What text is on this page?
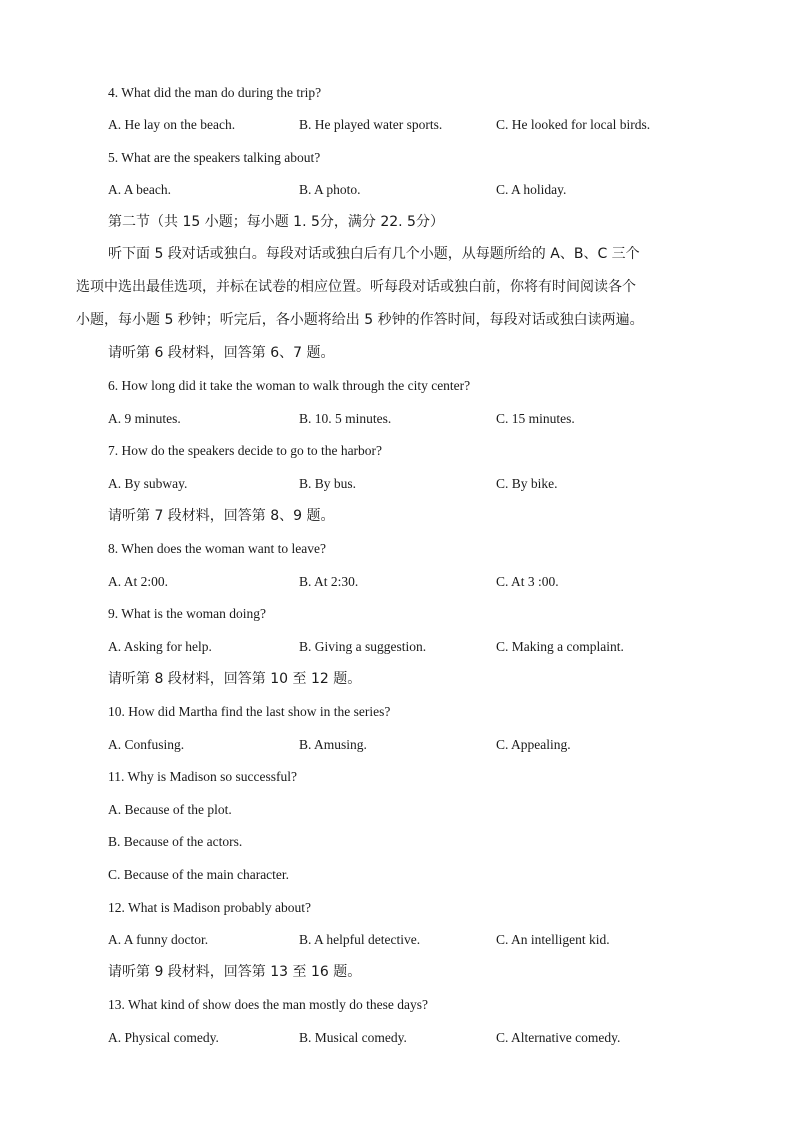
4. What did the man do during the trip?
A. He lay on the beach.	B. He played water sports.	C. He looked for local birds.
5. What are the speakers talking about?
A. A beach.	B. A photo.	C. A holiday.
第二节（共 15 小题；每小题 1. 5分，满分 22. 5分）
听下面 5 段对话或独白。每段对话或独白后有几个小题，从每题所给的 A、B、C 三个
选项中选出最佳选项，并标在试卷的相应位置。听每段对话或独白前，你将有时间阅读各个
小题，每小题 5 秒钟；听完后，各小题将给出 5 秒钟的作答时间，每段对话或独白读两遍。
请听第 6 段材料，回答第 6、7 题。
6. How long did it take the woman to walk through the city center?
A. 9 minutes.	B. 10. 5 minutes.	C. 15 minutes.
7. How do the speakers decide to go to the harbor?
A. By subway.	B. By bus.	C. By bike.
请听第 7 段材料，回答第 8、9 题。
8. When does the woman want to leave?
A. At 2:00.	B. At 2:30.	C. At 3 :00.
9. What is the woman doing?
A. Asking for help.	B. Giving a suggestion.	C. Making a complaint.
请听第 8 段材料，回答第 10 至 12 题。
10. How did Martha find the last show in the series?
A. Confusing.	B. Amusing.	C. Appealing.
11. Why is Madison so successful?
A. Because of the plot.
B. Because of the actors.
C. Because of the main character.
12. What is Madison probably about?
A. A funny doctor.	B. A helpful detective.	C. An intelligent kid.
请听第 9 段材料，回答第 13 至 16 题。
13. What kind of show does the man mostly do these days?
A. Physical comedy.	B. Musical comedy.	C. Alternative comedy.
